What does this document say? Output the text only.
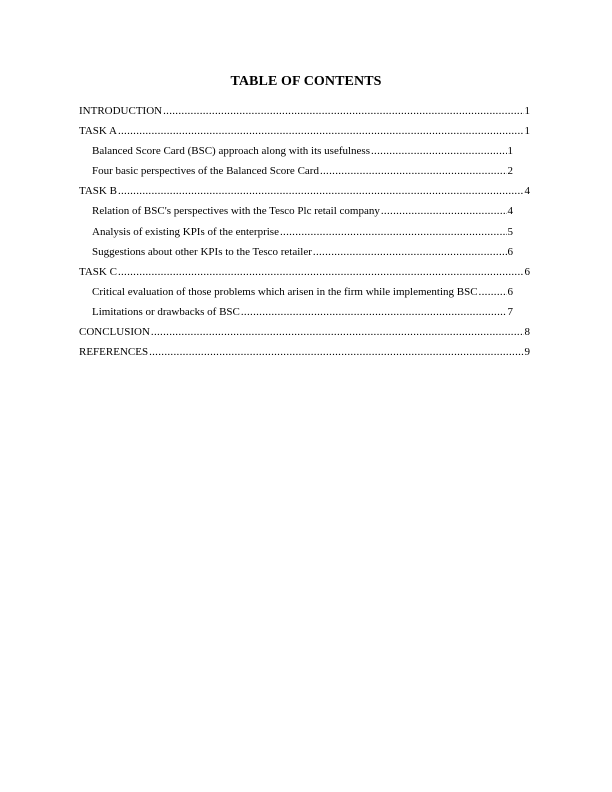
TABLE OF CONTENTS
INTRODUCTION .....	1
TASK A .....	1
Balanced Score Card (BSC) approach along with its usefulness .....	1
Four basic perspectives of the Balanced Score Card .....	2
TASK B .....	4
Relation of BSC's perspectives with the Tesco Plc retail company .....	4
Analysis of existing KPIs of the enterprise .....	5
Suggestions about other KPIs to the Tesco retailer .....	6
TASK C .....	6
Critical evaluation of those problems which arisen in the firm while implementing BSC .....	6
Limitations or drawbacks of BSC .....	7
CONCLUSION .....	8
REFERENCES .....	9
